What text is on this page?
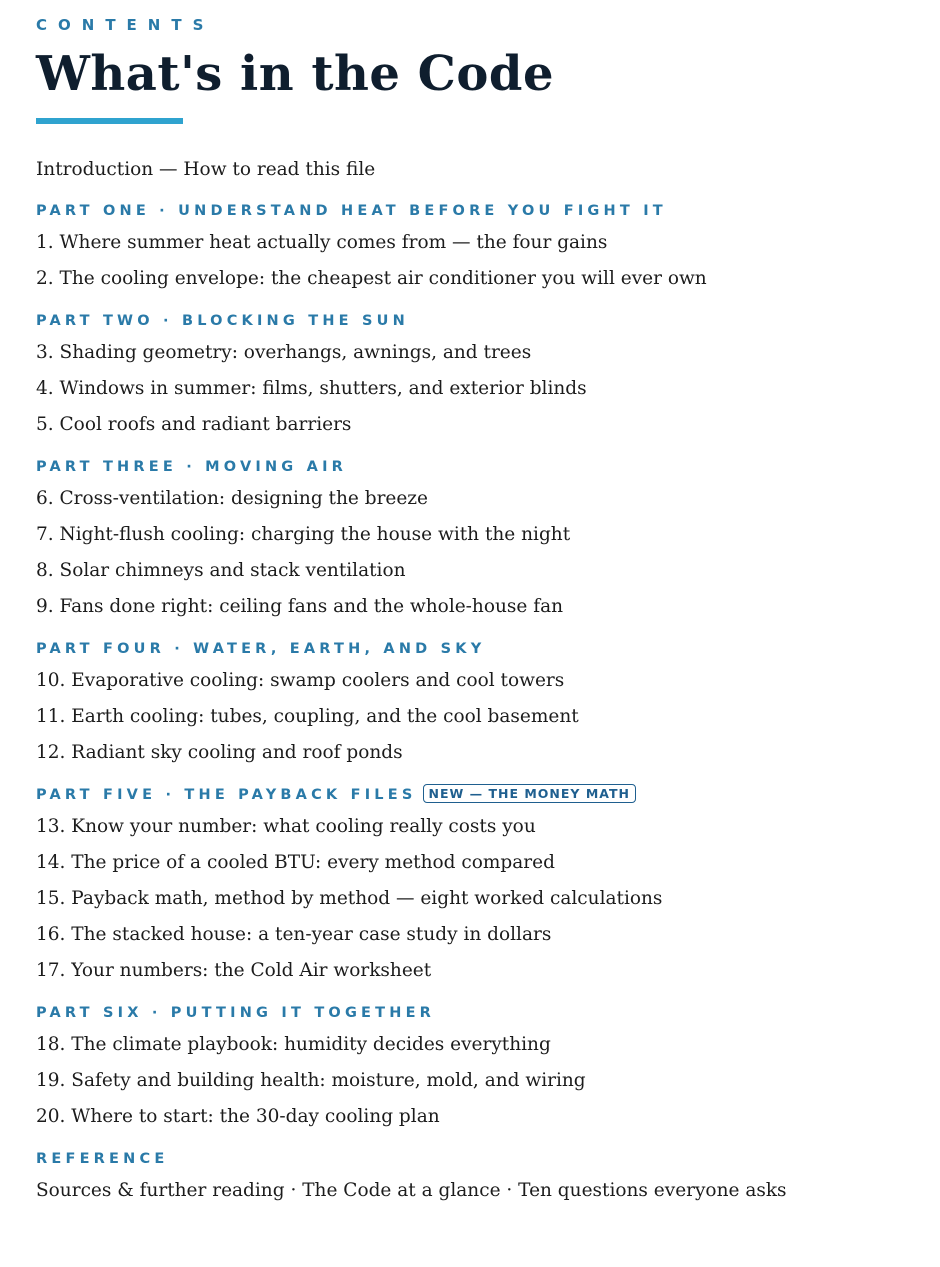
CONTENTS
What's in the Code
Introduction — How to read this file
PART ONE · UNDERSTAND HEAT BEFORE YOU FIGHT IT
1. Where summer heat actually comes from — the four gains
2. The cooling envelope: the cheapest air conditioner you will ever own
PART TWO · BLOCKING THE SUN
3. Shading geometry: overhangs, awnings, and trees
4. Windows in summer: films, shutters, and exterior blinds
5. Cool roofs and radiant barriers
PART THREE · MOVING AIR
6. Cross-ventilation: designing the breeze
7. Night-flush cooling: charging the house with the night
8. Solar chimneys and stack ventilation
9. Fans done right: ceiling fans and the whole-house fan
PART FOUR · WATER, EARTH, AND SKY
10. Evaporative cooling: swamp coolers and cool towers
11. Earth cooling: tubes, coupling, and the cool basement
12. Radiant sky cooling and roof ponds
PART FIVE · THE PAYBACK FILES NEW — THE MONEY MATH
13. Know your number: what cooling really costs you
14. The price of a cooled BTU: every method compared
15. Payback math, method by method — eight worked calculations
16. The stacked house: a ten-year case study in dollars
17. Your numbers: the Cold Air worksheet
PART SIX · PUTTING IT TOGETHER
18. The climate playbook: humidity decides everything
19. Safety and building health: moisture, mold, and wiring
20. Where to start: the 30-day cooling plan
REFERENCE
Sources & further reading · The Code at a glance · Ten questions everyone asks
